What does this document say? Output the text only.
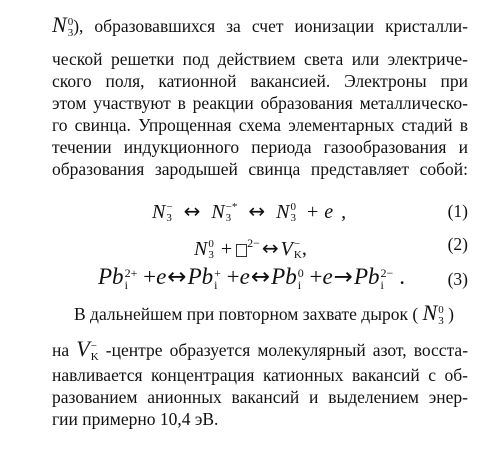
N 0
3 ), образовавшихся за счет ионизации кристалли-
ческой решетки под действием света или электриче-
ского поля, катионной вакансией. Электроны при
этом участвуют в реакции образования металлическо-
го свинца. Упрощенная схема элементарных стадий в
течении индукционного периода газообразования и
образования зародышей свинца представляет собой:
N −
3 ↔ N −*
3 ↔ N 0
3 + e ,	(1)
N 0
3 + $^{2-}$ ↔ V −
K ,	(2)
Pb 2+
i +e↔Pb +
i +e↔Pb 0
i +e→Pb 2−
i . (3)
В дальнейшем при повторном захвате дырок ( N 0
3 )
на V −
K -центре образуется молекулярный азот, восста-
навливается концентрация катионных вакансий с об-
разованием анионных вакансий и выделением энер-
гии примерно 10,4 эВ.
